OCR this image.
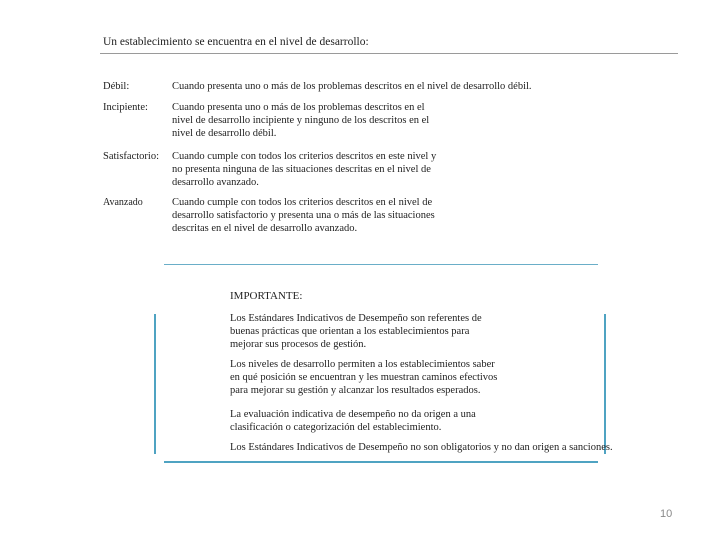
Un establecimiento se encuentra en el nivel de desarrollo:
Débil:	Cuando presenta uno o más de los problemas descritos en el nivel de desarrollo débil.
Incipiente:	Cuando presenta uno o más de los problemas descritos en el
nivel de desarrollo incipiente y ninguno de los descritos en el
nivel de desarrollo débil.
Satisfactorio:	Cuando cumple con todos los criterios descritos en este nivel y
no presenta ninguna de las situaciones descritas en el nivel de
desarrollo avanzado.
Avanzado	Cuando cumple con todos los criterios descritos en el nivel de
desarrollo satisfactorio y presenta una o más de las situaciones
descritas en el nivel de desarrollo avanzado.
IMPORTANTE:
Los Estándares Indicativos de Desempeño son referentes de
buenas prácticas que orientan a los establecimientos para
mejorar sus procesos de gestión.
Los niveles de desarrollo permiten a los establecimientos saber
en qué posición se encuentran y les muestran caminos efectivos
para mejorar su gestión y alcanzar los resultados esperados.
La evaluación indicativa de desempeño no da origen a una
clasificación o categorización del establecimiento.
Los Estándares Indicativos de Desempeño no son obligatorios y no dan origen a sanciones.
10
